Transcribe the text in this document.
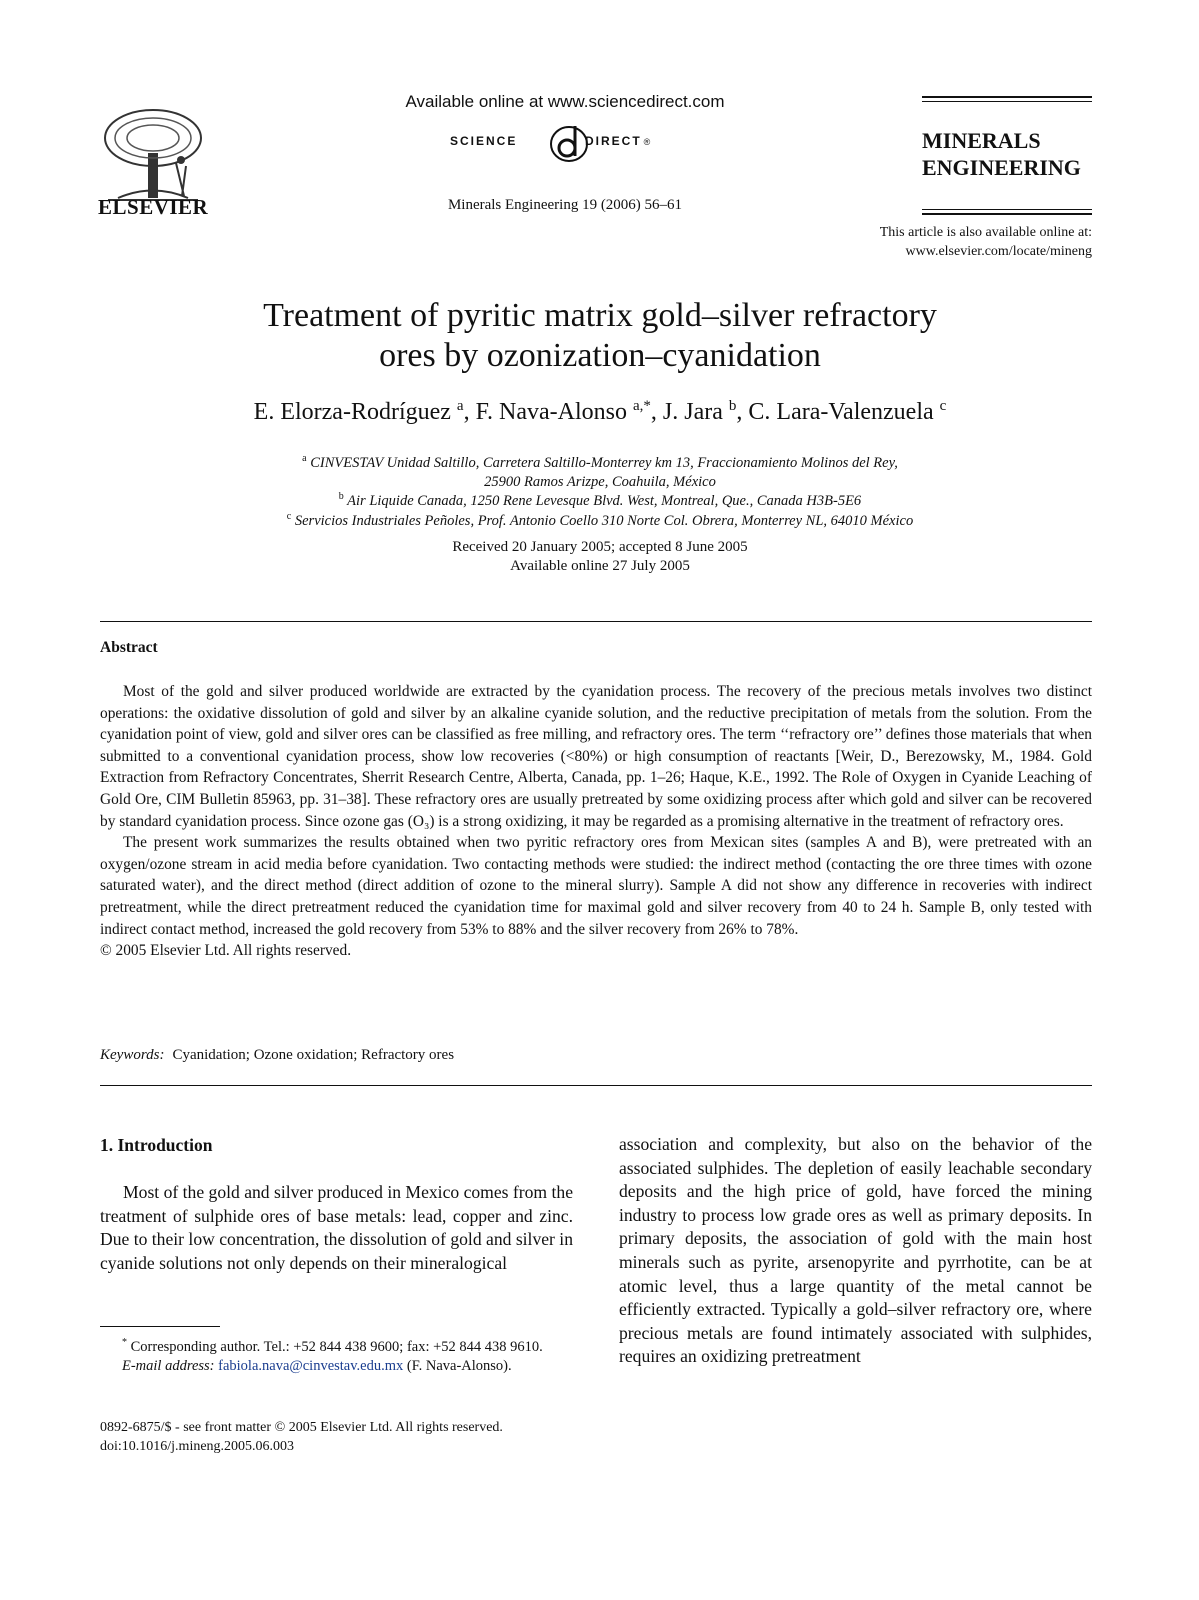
ELSEVIER
Available online at www.sciencedirect.com
SCIENCE	DIRECT ®
Minerals Engineering 19 (2006) 56–61
MINERALS
ENGINEERING
This article is also available online at:
www.elsevier.com/locate/mineng
Treatment of pyritic matrix gold–silver refractory
ores by ozonization–cyanidation
E. Elorza-Rodríguez $^a$, F. Nava-Alonso $^{a,*}$, J. Jara $^b$, C. Lara-Valenzuela $^c$
$^a$ CINVESTAV Unidad Saltillo, Carretera Saltillo-Monterrey km 13, Fraccionamiento Molinos del Rey,
25900 Ramos Arizpe, Coahuila, México
$^b$ Air Liquide Canada, 1250 Rene Levesque Blvd. West, Montreal, Que., Canada H3B-5E6
$^c$ Servicios Industriales Peñoles, Prof. Antonio Coello 310 Norte Col. Obrera, Monterrey NL, 64010 México
Received 20 January 2005; accepted 8 June 2005
Available online 27 July 2005
Abstract

Most of the gold and silver produced worldwide are extracted by the cyanidation process. The recovery of the precious metals involves two distinct operations: the oxidative dissolution of gold and silver by an alkaline cyanide solution, and the reductive precipitation of metals from the solution. From the cyanidation point of view, gold and silver ores can be classified as free milling, and refractory ores. The term ‘‘refractory ore’’ defines those materials that when submitted to a conventional cyanidation process, show low recoveries (<80%) or high consumption of reactants [Weir, D., Berezowsky, M., 1984. Gold Extraction from Refractory Concentrates, Sherrit Research Centre, Alberta, Canada, pp. 1–26; Haque, K.E., 1992. The Role of Oxygen in Cyanide Leaching of Gold Ore, CIM Bulletin 85963, pp. 31–38]. These refractory ores are usually pretreated by some oxidizing process after which gold and silver can be recovered by standard cyanidation process. Since ozone gas (O₃) is a strong oxidizing, it may be regarded as a promising alternative in the treatment of refractory ores.

The present work summarizes the results obtained when two pyritic refractory ores from Mexican sites (samples A and B), were pretreated with an oxygen/ozone stream in acid media before cyanidation. Two contacting methods were studied: the indirect method (contacting the ore three times with ozone saturated water), and the direct method (direct addition of ozone to the mineral slurry). Sample A did not show any difference in recoveries with indirect pretreatment, while the direct pretreatment reduced the cyanidation time for maximal gold and silver recovery from 40 to 24 h. Sample B, only tested with indirect contact method, increased the gold recovery from 53% to 88% and the silver recovery from 26% to 78%.

© 2005 Elsevier Ltd. All rights reserved.
Keywords: Cyanidation; Ozone oxidation; Refractory ores
1. Introduction

Most of the gold and silver produced in Mexico comes from the treatment of sulphide ores of base metals: lead, copper and zinc. Due to their low concentration, the dissolution of gold and silver in cyanide solutions not only depends on their mineralogical

association and complexity, but also on the behavior of the associated sulphides. The depletion of easily leachable secondary deposits and the high price of gold, have forced the mining industry to process low grade ores as well as primary deposits. In primary deposits, the association of gold with the main host minerals such as pyrite, arsenopyrite and pyrrhotite, can be at atomic level, thus a large quantity of the metal cannot be efficiently extracted. Typically a gold–silver refractory ore, where precious metals are found intimately associated with sulphides, requires an oxidizing pretreatment

* Corresponding author. Tel.: +52 844 438 9600; fax: +52 844 438 9610.

E-mail address: fabiola.nava@cinvestav.edu.mx (F. Nava-Alonso).

0892-6875/$ - see front matter © 2005 Elsevier Ltd. All rights reserved.
doi:10.1016/j.mineng.2005.06.003
